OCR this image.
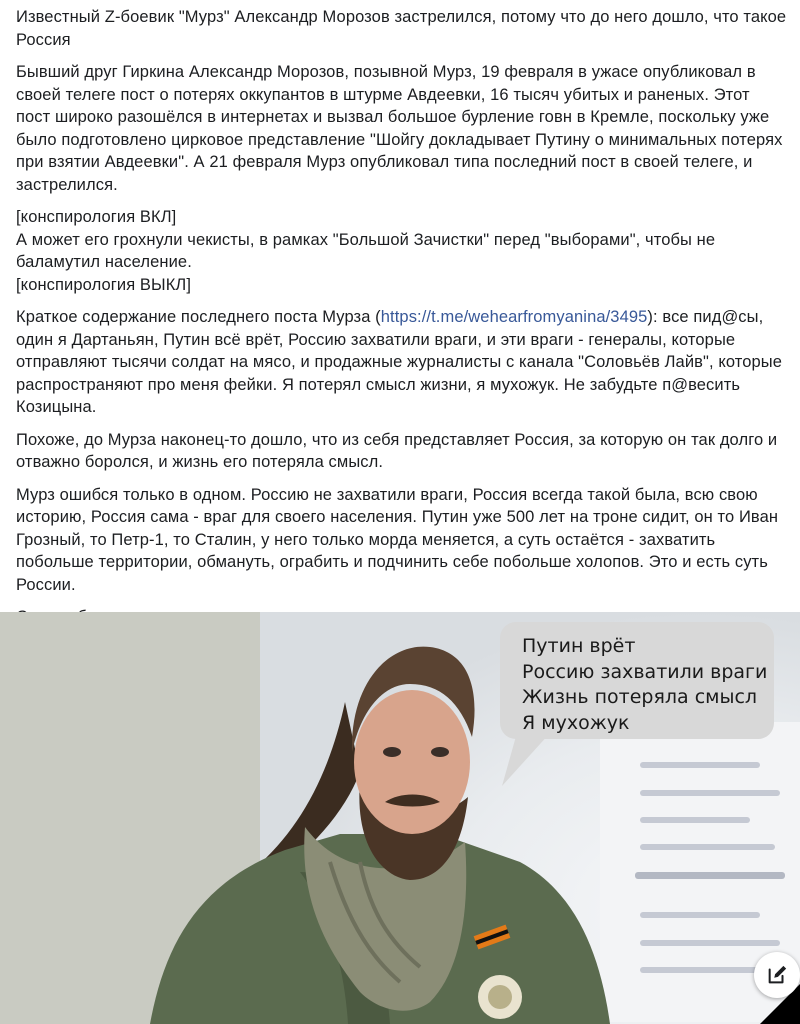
Известный Z-боевик "Мурз" Александр Морозов застрелился, потому что до него дошло, что такое Россия

Бывший друг Гиркина Александр Морозов, позывной Мурз, 19 февраля в ужасе опубликовал в своей телеге пост о потерях оккупантов в штурме Авдеевки, 16 тысяч убитых и раненых. Этот пост широко разошёлся в интернетах и вызвал большое бурление говн в Кремле, поскольку уже было подготовлено цирковое представление "Шойгу докладывает Путину о минимальных потерях при взятии Авдеевки". А 21 февраля Мурз опубликовал типа последний пост в своей телеге, и застрелился.

[конспирология ВКЛ]
А может его грохнули чекисты, в рамках "Большой Зачистки" перед "выборами", чтобы не баламутил население.
[конспирология ВЫКЛ]

Краткое содержание последнего поста Мурза (https://t.me/wehearfromyanina/3495): все пид@сы, один я Дартаньян, Путин всё врёт, Россию захватили враги, и эти враги - генералы, которые отправляют тысячи солдат на мясо, и продажные журналисты с канала "Соловьёв Лайв", которые распространяют про меня фейки. Я потерял смысл жизни, я мухожук. Не забудьте п@весить Козицына.

Похоже, до Мурза наконец-то дошло, что из себя представляет Россия, за которую он так долго и отважно боролся, и жизнь его потеряла смысл.

Мурз ошибся только в одном. Россию не захватили враги, Россия всегда такой была, всю свою историю, Россия сама - враг для своего населения. Путин уже 500 лет на троне сидит, он то Иван Грозный, то Петр-1, то Сталин, у него только морда меняется, а суть остаётся - захватить побольше территории, обмануть, ограбить и подчинить себе побольше холопов. Это и есть суть России.

Путин врёт
Россию захватили враги
Жизнь потеряла смысл
Я мухожук
